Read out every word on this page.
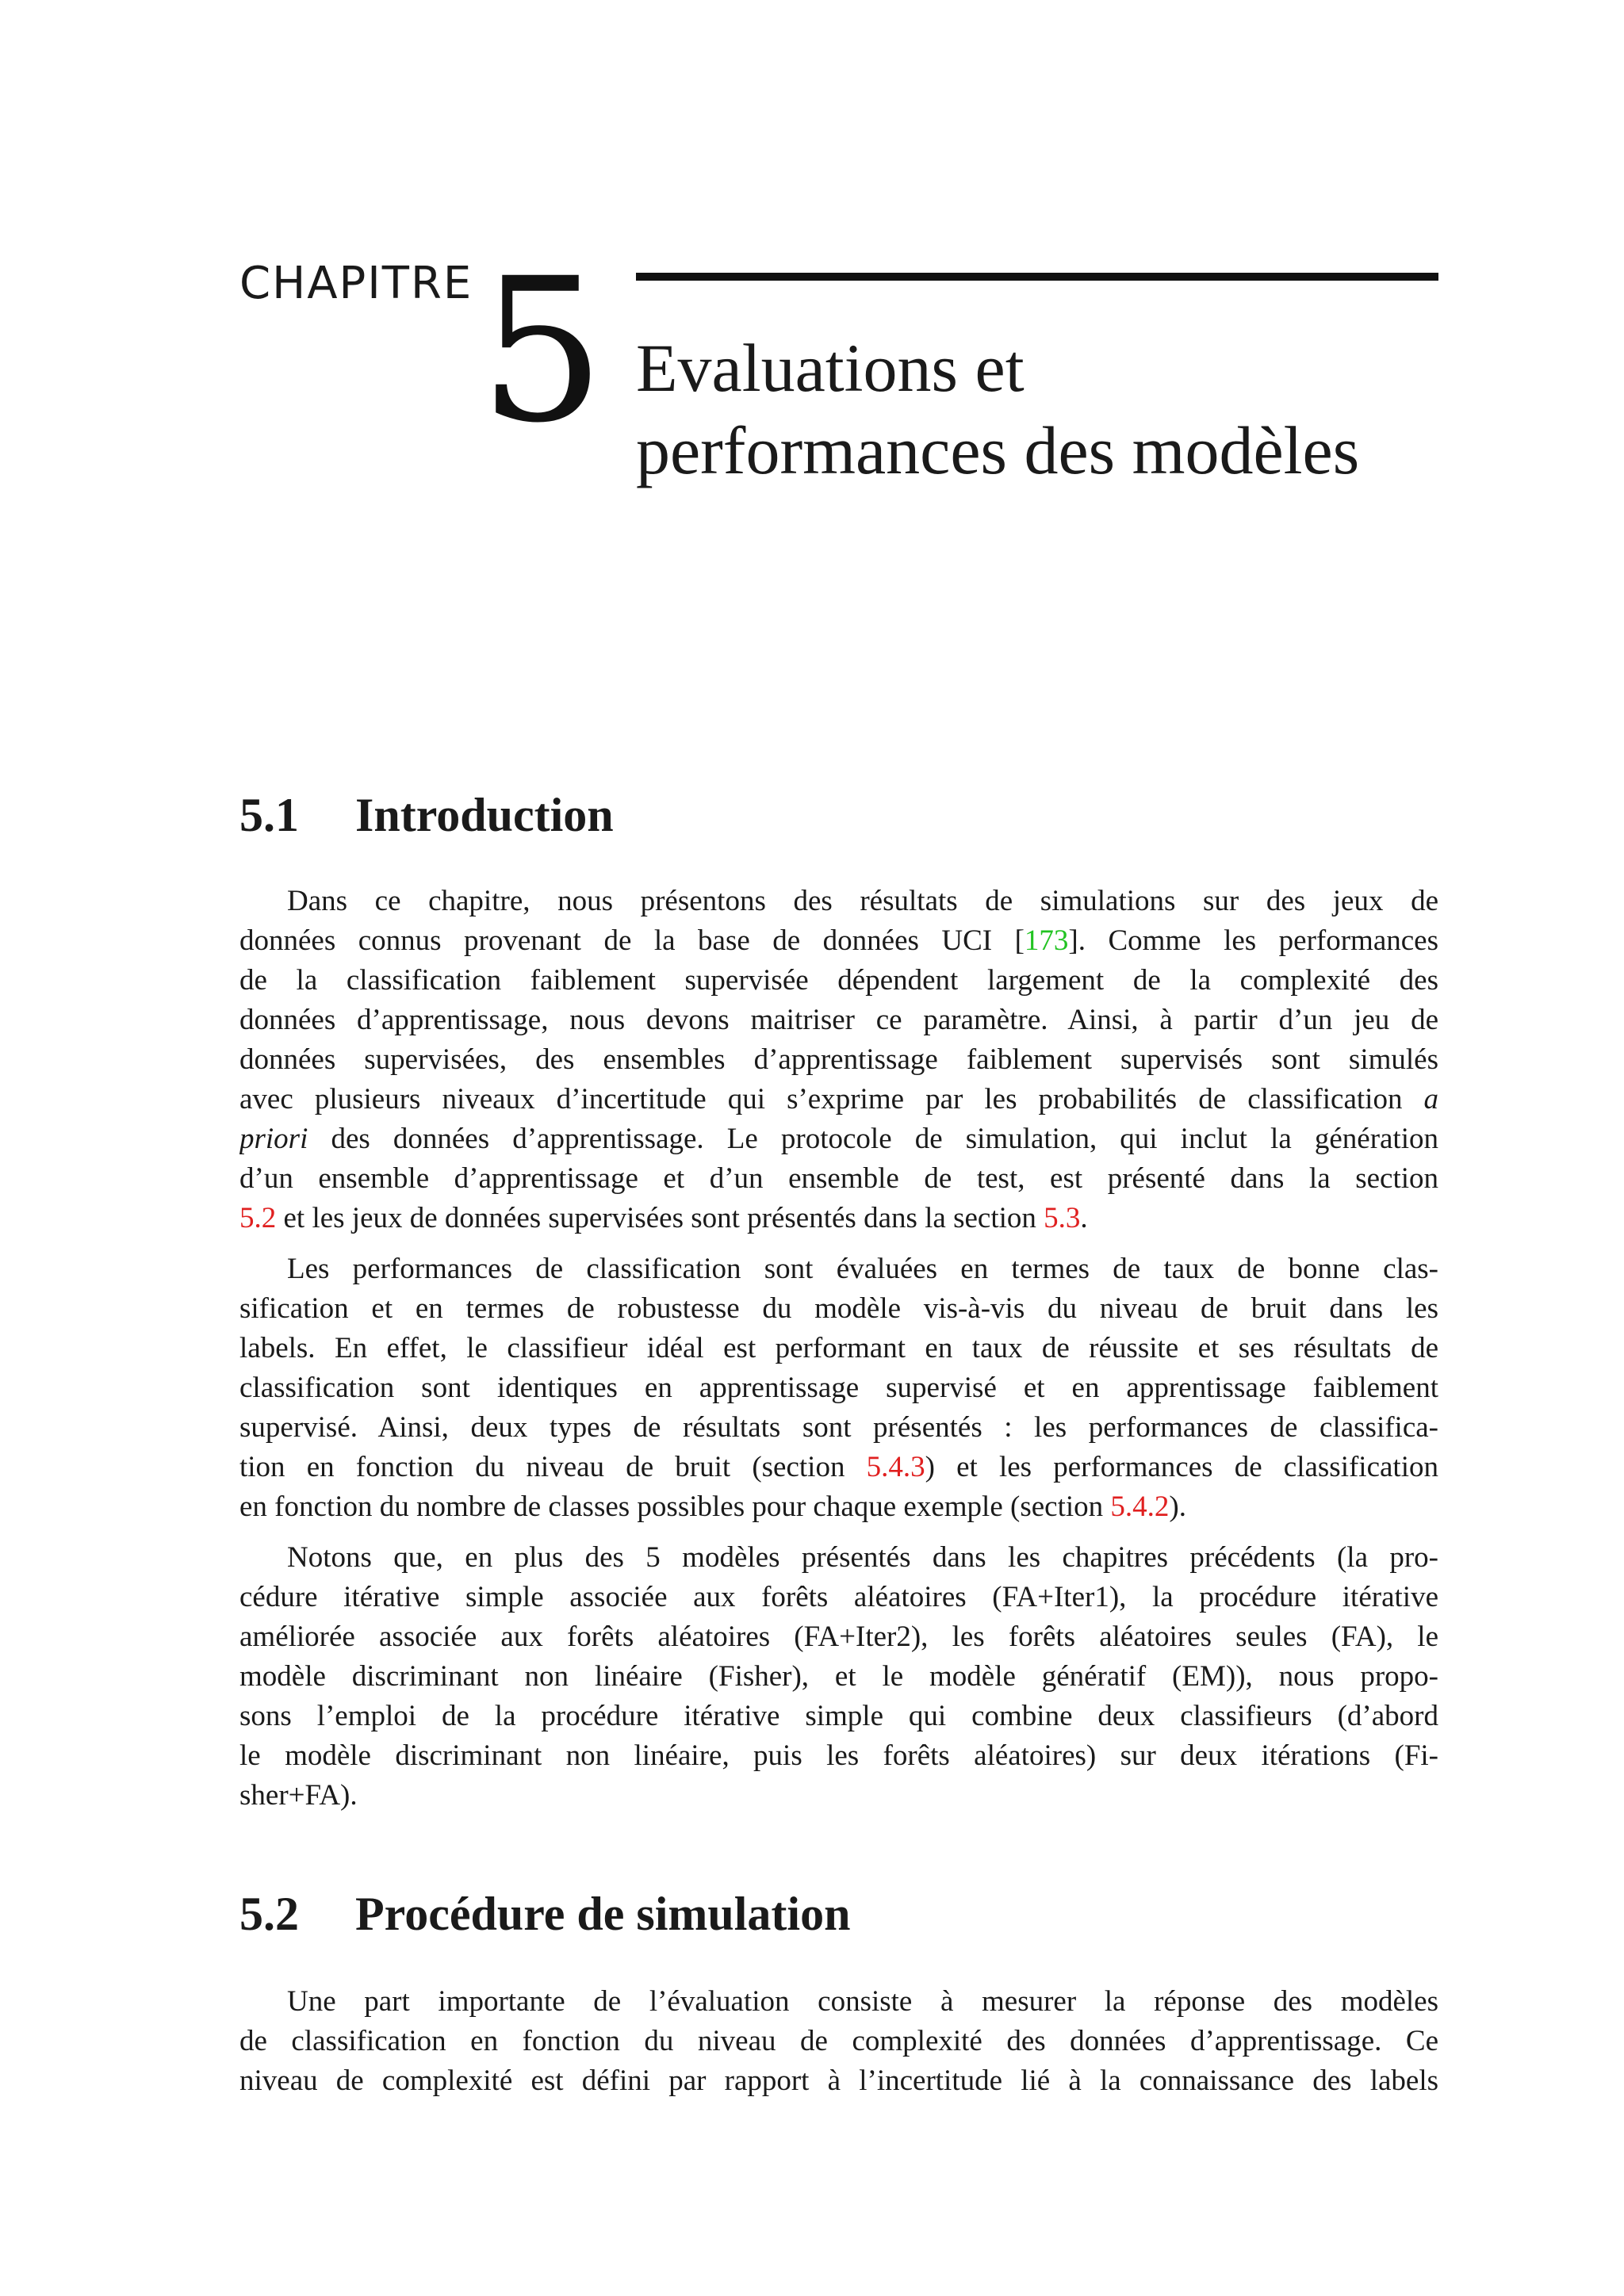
CHAPITRE 5 Evaluations et
performances des modèles
5.1 Introduction
Dans ce chapitre, nous présentons des résultats de simulations sur des jeux de
données connus provenant de la base de données UCI [173]. Comme les performances
de la classification faiblement supervisée dépendent largement de la complexité des
données d’apprentissage, nous devons maitriser ce paramètre. Ainsi, à partir d’un jeu de
données supervisées, des ensembles d’apprentissage faiblement supervisés sont simulés
avec plusieurs niveaux d’incertitude qui s’exprime par les probabilités de classification a
priori des données d’apprentissage. Le protocole de simulation, qui inclut la génération
d’un ensemble d’apprentissage et d’un ensemble de test, est présenté dans la section
5.2 et les jeux de données supervisées sont présentés dans la section 5.3.
Les performances de classification sont évaluées en termes de taux de bonne clas-
sification et en termes de robustesse du modèle vis-à-vis du niveau de bruit dans les
labels. En effet, le classifieur idéal est performant en taux de réussite et ses résultats de
classification sont identiques en apprentissage supervisé et en apprentissage faiblement
supervisé. Ainsi, deux types de résultats sont présentés : les performances de classifica-
tion en fonction du niveau de bruit (section 5.4.3) et les performances de classification
en fonction du nombre de classes possibles pour chaque exemple (section 5.4.2).
Notons que, en plus des 5 modèles présentés dans les chapitres précédents (la pro-
cédure itérative simple associée aux forêts aléatoires (FA+Iter1), la procédure itérative
améliorée associée aux forêts aléatoires (FA+Iter2), les forêts aléatoires seules (FA), le
modèle discriminant non linéaire (Fisher), et le modèle génératif (EM)), nous propo-
sons l’emploi de la procédure itérative simple qui combine deux classifieurs (d’abord
le modèle discriminant non linéaire, puis les forêts aléatoires) sur deux itérations (Fi-
sher+FA).
5.2 Procédure de simulation
Une part importante de l’évaluation consiste à mesurer la réponse des modèles
de classification en fonction du niveau de complexité des données d’apprentissage. Ce
niveau de complexité est défini par rapport à l’incertitude lié à la connaissance des labels
